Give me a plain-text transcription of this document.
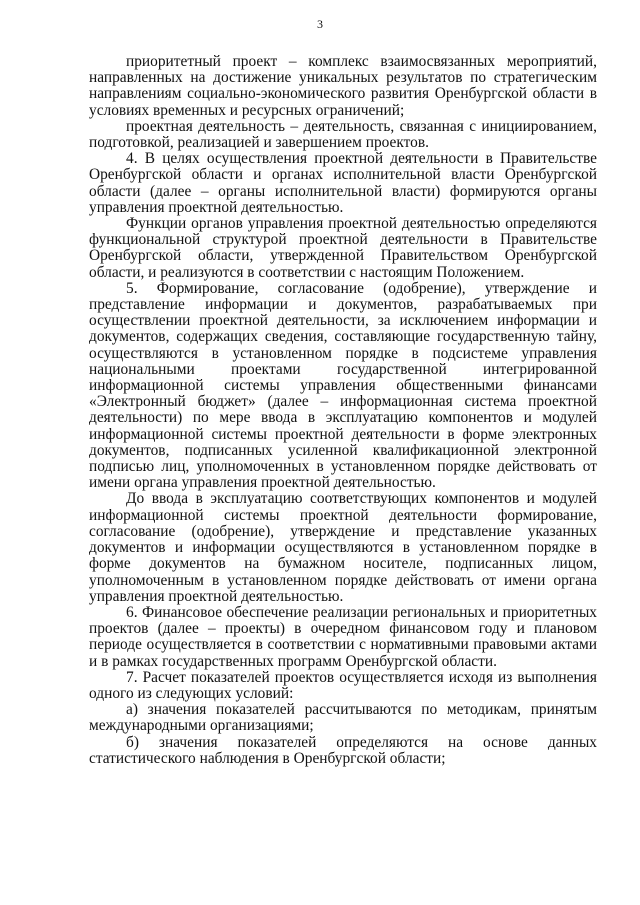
3

приоритетный проект – комплекс взаимосвязанных мероприятий, направленных на достижение уникальных результатов по стратегическим направлениям социально-экономического развития Оренбургской области в условиях временных и ресурсных ограничений;

проектная деятельность – деятельность, связанная с инициированием, подготовкой, реализацией и завершением проектов.

4. В целях осуществления проектной деятельности в Правительстве Оренбургской области и органах исполнительной власти Оренбургской области (далее – органы исполнительной власти) формируются органы управления проектной деятельностью.

Функции органов управления проектной деятельностью определяются функциональной структурой проектной деятельности в Правительстве Оренбургской области, утвержденной Правительством Оренбургской области, и реализуются в соответствии с настоящим Положением.

5. Формирование, согласование (одобрение), утверждение и представление информации и документов, разрабатываемых при осуществлении проектной деятельности, за исключением информации и документов, содержащих сведения, составляющие государственную тайну, осуществляются в установленном порядке в подсистеме управления национальными проектами государственной интегрированной информационной системы управления общественными финансами «Электронный бюджет» (далее – информационная система проектной деятельности) по мере ввода в эксплуатацию компонентов и модулей информационной системы проектной деятельности в форме электронных документов, подписанных усиленной квалификационной электронной подписью лиц, уполномоченных в установленном порядке действовать от имени органа управления проектной деятельностью.

До ввода в эксплуатацию соответствующих компонентов и модулей информационной системы проектной деятельности формирование, согласование (одобрение), утверждение и представление указанных документов и информации осуществляются в установленном порядке в форме документов на бумажном носителе, подписанных лицом, уполномоченным в установленном порядке действовать от имени органа управления проектной деятельностью.

6. Финансовое обеспечение реализации региональных и приоритетных проектов (далее – проекты) в очередном финансовом году и плановом периоде осуществляется в соответствии с нормативными правовыми актами и в рамках государственных программ Оренбургской области.

7. Расчет показателей проектов осуществляется исходя из выполнения одного из следующих условий:

а) значения показателей рассчитываются по методикам, принятым международными организациями;

б) значения показателей определяются на основе данных статистического наблюдения в Оренбургской области;
